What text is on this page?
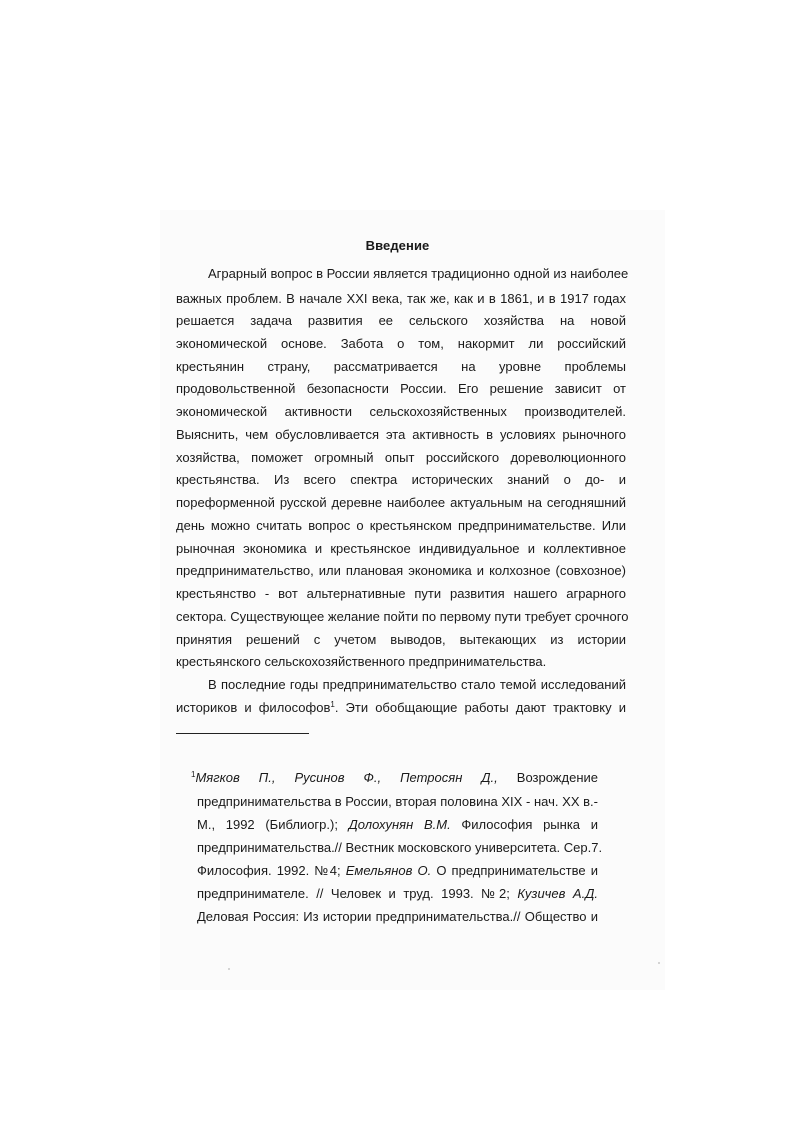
Введение
Аграрный вопрос в России является традиционно одной из наиболее
важных проблем. В начале XXI века, так же, как и в 1861, и в 1917 годах
решается задача развития ее сельского хозяйства на новой
экономической основе. Забота о том, накормит ли российский
крестьянин страну, рассматривается на уровне проблемы
продовольственной безопасности России. Его решение зависит от
экономической активности сельскохозяйственных производителей.
Выяснить, чем обусловливается эта активность в условиях рыночного
хозяйства, поможет огромный опыт российского дореволюционного
крестьянства. Из всего спектра исторических знаний о до- и
пореформенной русской деревне наиболее актуальным на сегодняшний
день можно считать вопрос о крестьянском предпринимательстве. Или
рыночная экономика и крестьянское индивидуальное и коллективное
предпринимательство, или плановая экономика и колхозное (совхозное)
крестьянство - вот альтернативные пути развития нашего аграрного
сектора. Существующее желание пойти по первому пути требует срочного
принятия решений с учетом выводов, вытекающих из истории
крестьянского сельскохозяйственного предпринимательства.
В последние годы предпринимательство стало темой исследований
историков и философов$^1$. Эти обобщающие работы дают трактовку и
$^1$Мягков П., Русинов Ф., Петросян Д., Возрождение
предпринимательства в России, вторая половина XIX - нач. XX в.-
М., 1992 (Библиогр.); Долохунян В.М. Философия рынка и
предпринимательства.// Вестник московского университета. Сер.7.
Философия. 1992. №4; Емельянов О. О предпринимательстве и
предпринимателе. // Человек и труд. 1993. №2; Кузичев А.Д.
Деловая Россия: Из истории предпринимательства.// Общество и
